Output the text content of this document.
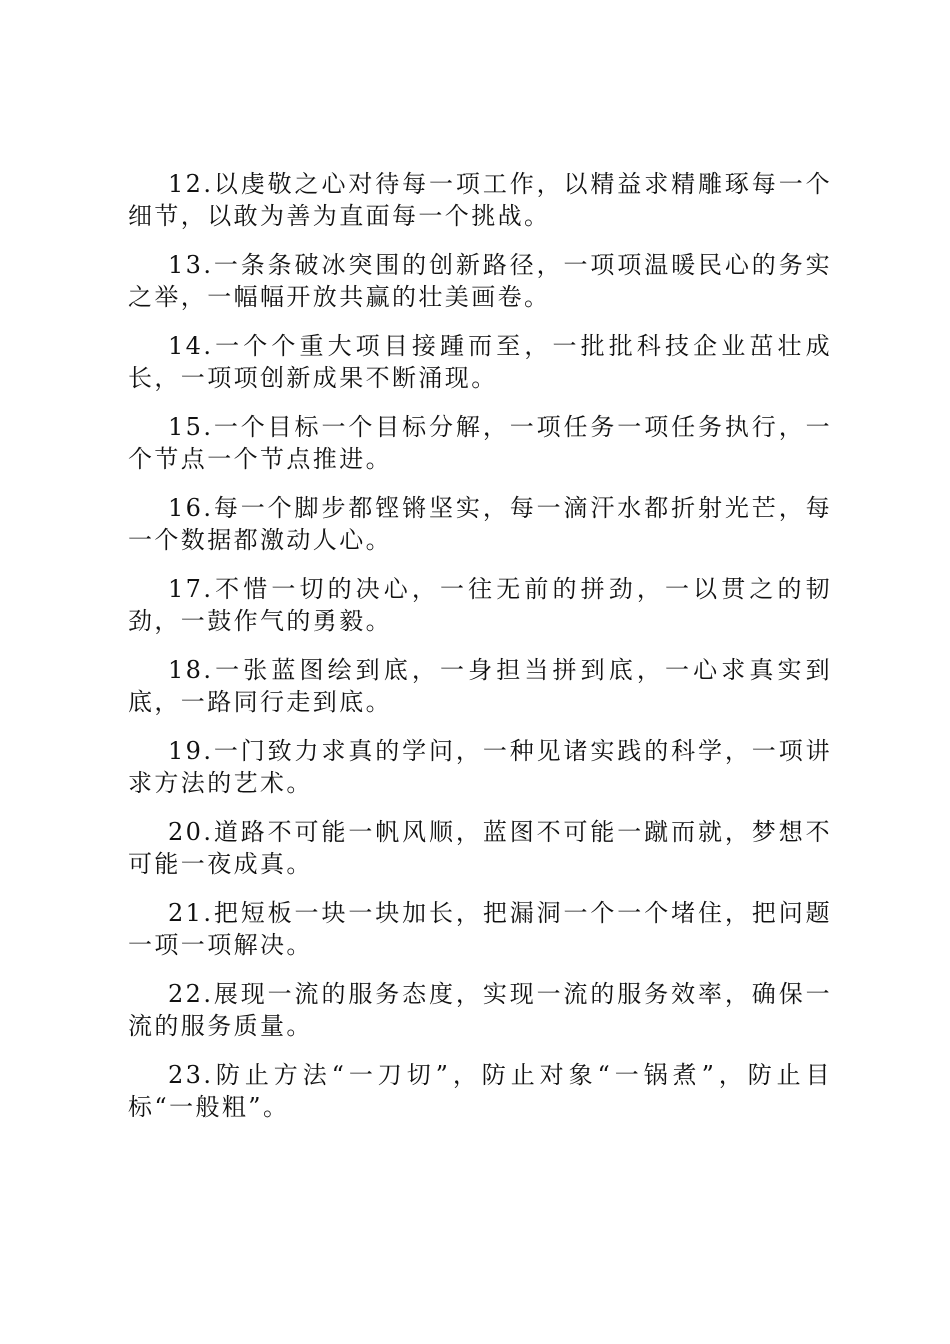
12.以虔敬之心对待每一项工作，以精益求精雕琢每一个细节，以敢为善为直面每一个挑战。

13.一条条破冰突围的创新路径，一项项温暖民心的务实之举，一幅幅开放共赢的壮美画卷。

14.一个个重大项目接踵而至，一批批科技企业茁壮成长，一项项创新成果不断涌现。

15.一个目标一个目标分解，一项任务一项任务执行，一个节点一个节点推进。

16.每一个脚步都铿锵坚实，每一滴汗水都折射光芒，每一个数据都激动人心。

17.不惜一切的决心，一往无前的拼劲，一以贯之的韧劲，一鼓作气的勇毅。

18.一张蓝图绘到底，一身担当拼到底，一心求真实到底，一路同行走到底。

19.一门致力求真的学问，一种见诸实践的科学，一项讲求方法的艺术。

20.道路不可能一帆风顺，蓝图不可能一蹴而就，梦想不可能一夜成真。

21.把短板一块一块加长，把漏洞一个一个堵住，把问题一项一项解决。

22.展现一流的服务态度，实现一流的服务效率，确保一流的服务质量。

23.防止方法“一刀切”，防止对象“一锅煮”，防止目标“一般粗”。
